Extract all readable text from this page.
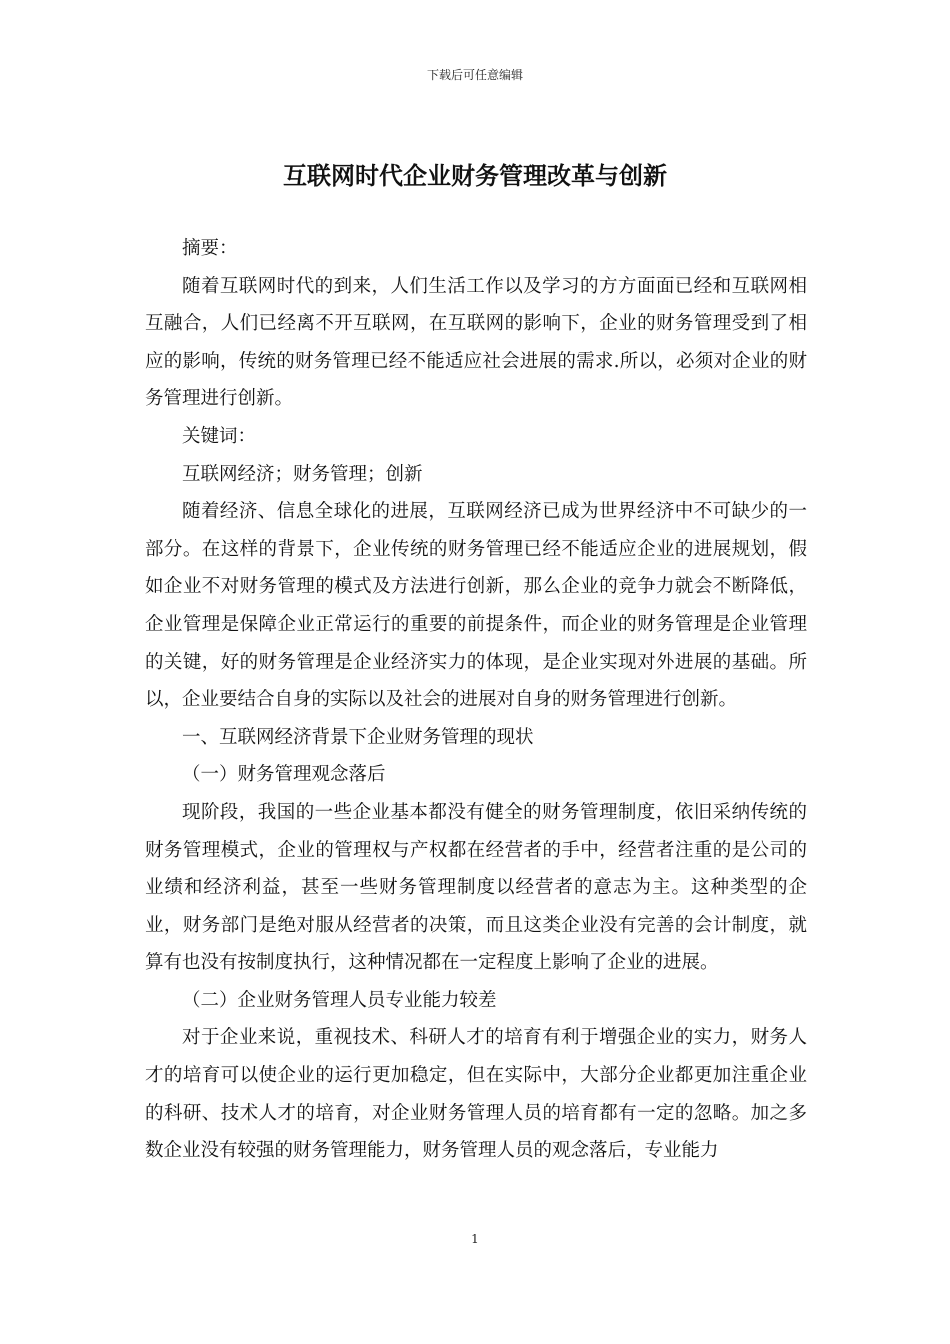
下载后可任意编辑
互联网时代企业财务管理改革与创新

摘要：

随着互联网时代的到来，人们生活工作以及学习的方方面面已经和互联网相互融合，人们已经离不开互联网，在互联网的影响下，企业的财务管理受到了相应的影响，传统的财务管理已经不能适应社会进展的需求.所以，必须对企业的财务管理进行创新。

关键词：

互联网经济；财务管理；创新

随着经济、信息全球化的进展，互联网经济已成为世界经济中不可缺少的一部分。在这样的背景下，企业传统的财务管理已经不能适应企业的进展规划，假如企业不对财务管理的模式及方法进行创新，那么企业的竞争力就会不断降低，企业管理是保障企业正常运行的重要的前提条件，而企业的财务管理是企业管理的关键，好的财务管理是企业经济实力的体现，是企业实现对外进展的基础。所以，企业要结合自身的实际以及社会的进展对自身的财务管理进行创新。

一、互联网经济背景下企业财务管理的现状

（一）财务管理观念落后

现阶段，我国的一些企业基本都没有健全的财务管理制度，依旧采纳传统的财务管理模式，企业的管理权与产权都在经营者的手中，经营者注重的是公司的业绩和经济利益，甚至一些财务管理制度以经营者的意志为主。这种类型的企业，财务部门是绝对服从经营者的决策，而且这类企业没有完善的会计制度，就算有也没有按制度执行，这种情况都在一定程度上影响了企业的进展。

（二）企业财务管理人员专业能力较差

对于企业来说，重视技术、科研人才的培育有利于增强企业的实力，财务人才的培育可以使企业的运行更加稳定，但在实际中，大部分企业都更加注重企业的科研、技术人才的培育，对企业财务管理人员的培育都有一定的忽略。加之多数企业没有较强的财务管理能力，财务管理人员的观念落后，专业能力

1
